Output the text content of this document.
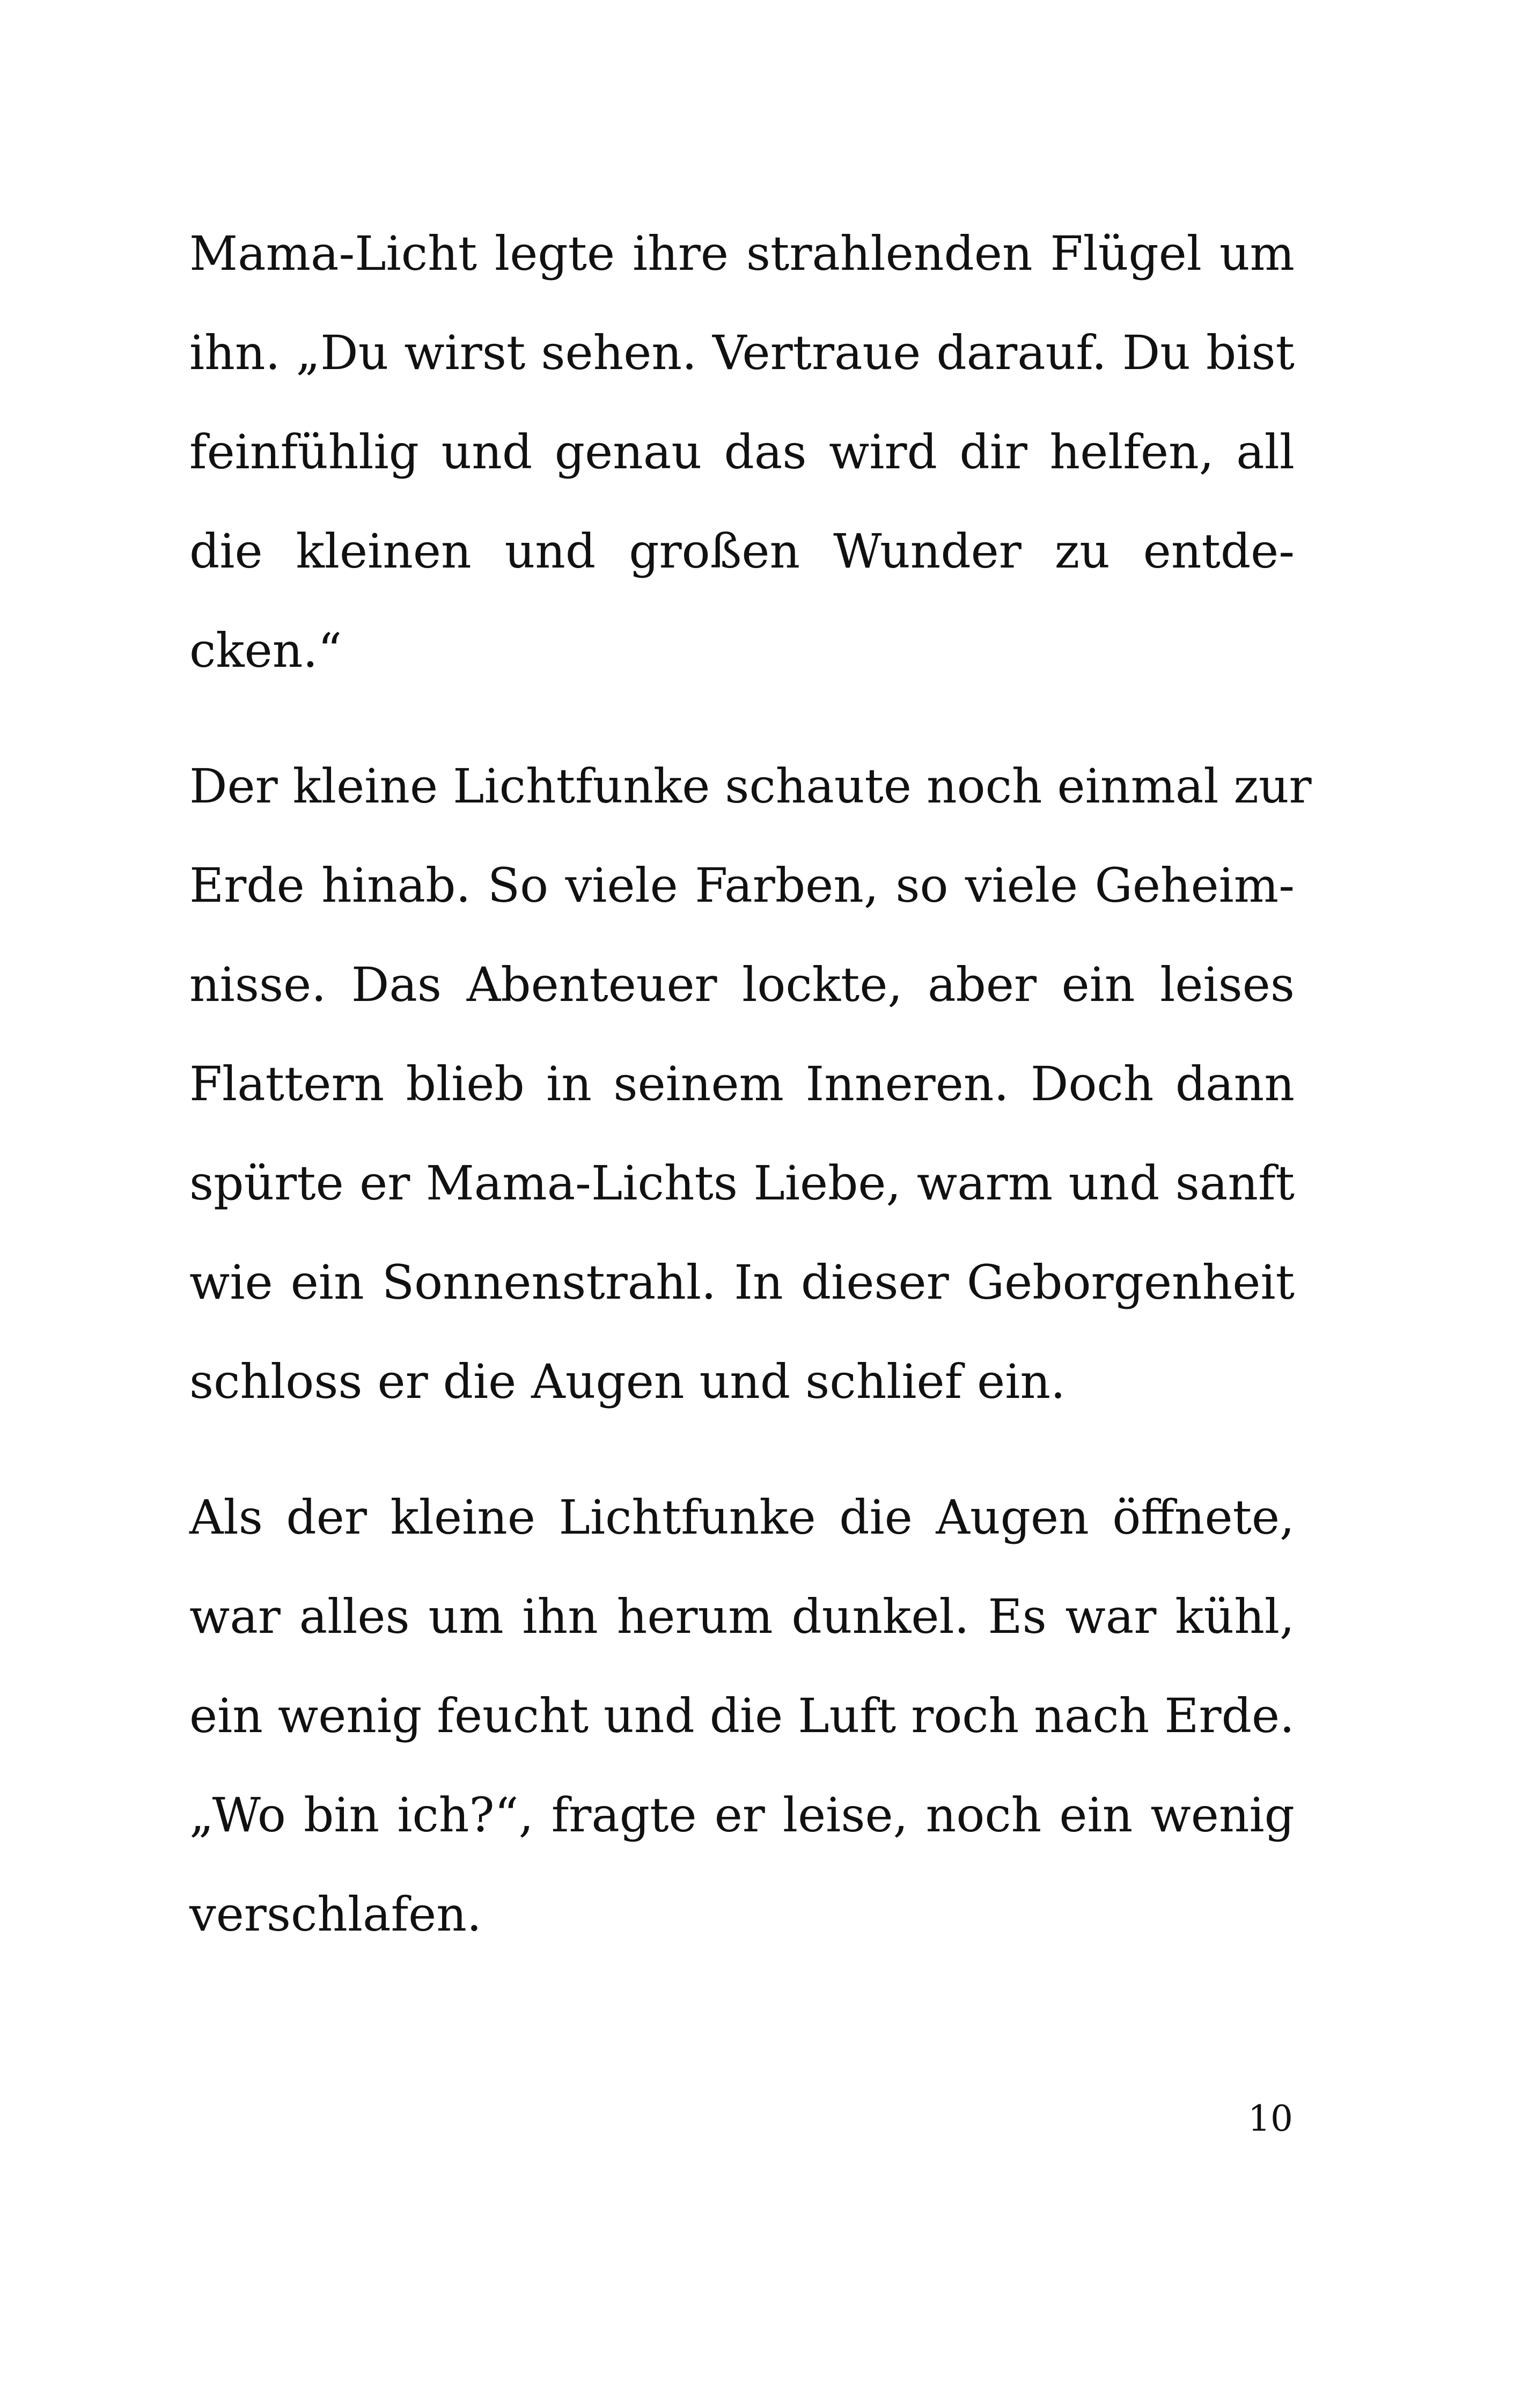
Mama-Licht legte ihre strahlenden Flügel um
ihn. „Du wirst sehen. Vertraue darauf. Du bist
feinfühlig und genau das wird dir helfen, all
die kleinen und großen Wunder zu entde-
cken.“

Der kleine Lichtfunke schaute noch einmal zur
Erde hinab. So viele Farben, so viele Geheim-
nisse. Das Abenteuer lockte, aber ein leises
Flattern blieb in seinem Inneren. Doch dann
spürte er Mama-Lichts Liebe, warm und sanft
wie ein Sonnenstrahl. In dieser Geborgenheit
schloss er die Augen und schlief ein.

Als der kleine Lichtfunke die Augen öffnete,
war alles um ihn herum dunkel. Es war kühl,
ein wenig feucht und die Luft roch nach Erde.
„Wo bin ich?“, fragte er leise, noch ein wenig
verschlafen.

10
